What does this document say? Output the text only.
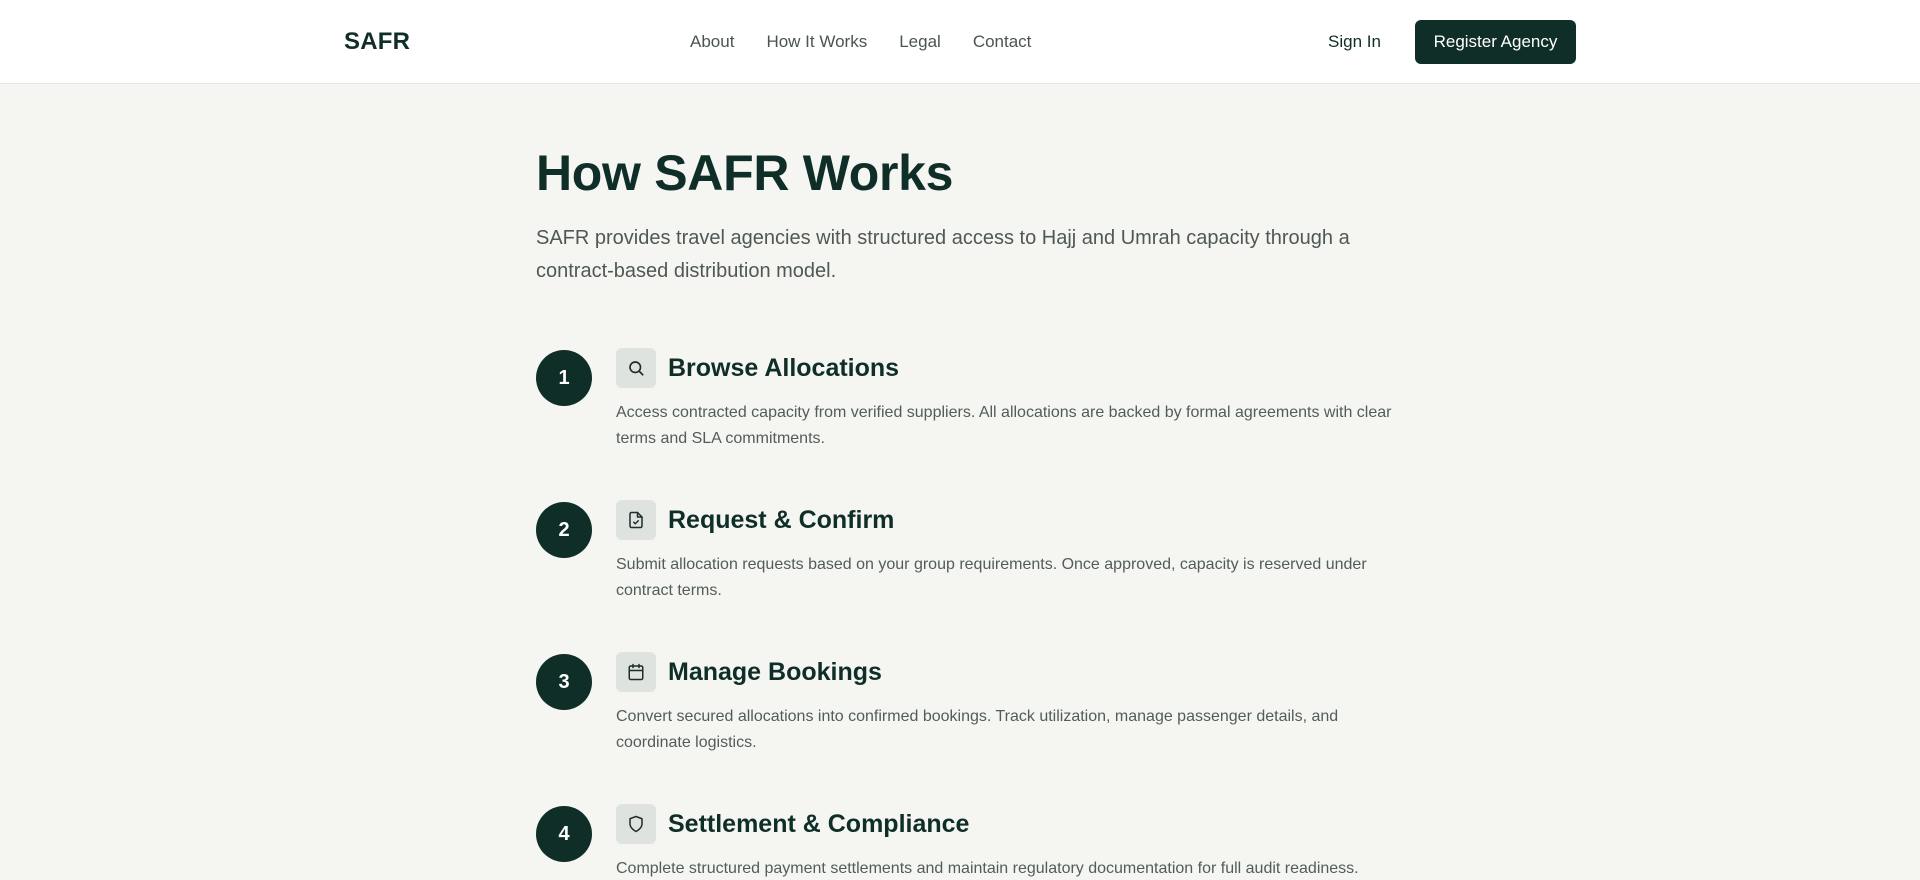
SAFR	About How It Works Legal Contact	Sign In	Register Agency
How SAFR Works

SAFR provides travel agencies with structured access to Hajj and Umrah capacity through a contract-based distribution model.

1	Browse Allocations

Access contracted capacity from verified suppliers. All allocations are backed by formal agreements with clear terms and SLA commitments.

2	Request & Confirm

Submit allocation requests based on your group requirements. Once approved, capacity is reserved under contract terms.

3	Manage Bookings

Convert secured allocations into confirmed bookings. Track utilization, manage passenger details, and coordinate logistics.

4	Settlement & Compliance

Complete structured payment settlements and maintain regulatory documentation for full audit readiness.
